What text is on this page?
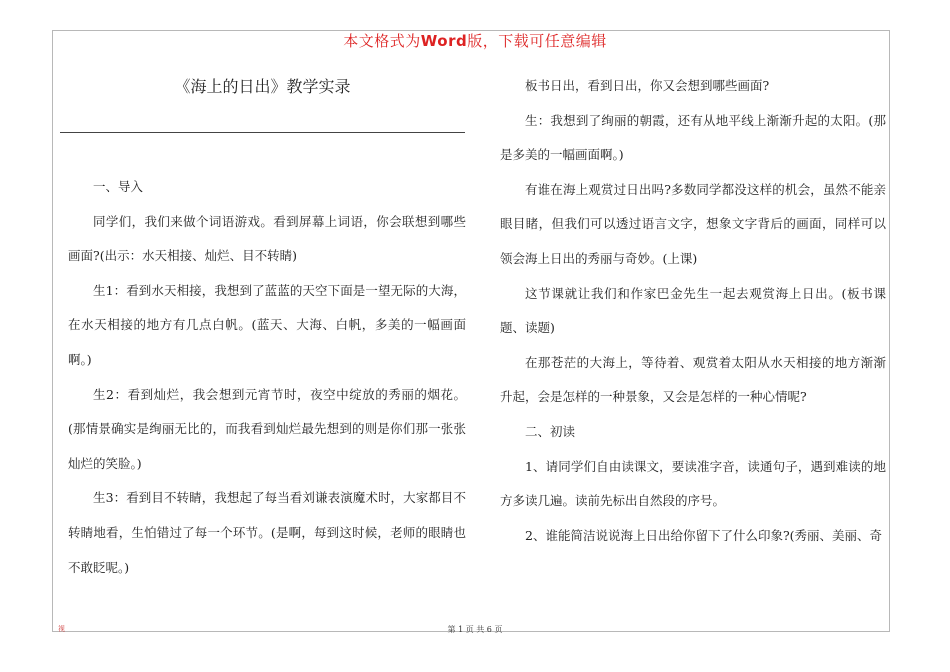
本文格式为Word版，下载可任意编辑
《海上的日出》教学实录

一、导入

同学们，我们来做个词语游戏。看到屏幕上词语，你会联想到哪些画面?(出示：水天相接、灿烂、目不转睛)

生1：看到水天相接，我想到了蓝蓝的天空下面是一望无际的大海，在水天相接的地方有几点白帆。(蓝天、大海、白帆，多美的一幅画面啊。)

生2：看到灿烂，我会想到元宵节时，夜空中绽放的秀丽的烟花。(那情景确实是绚丽无比的，而我看到灿烂最先想到的则是你们那一张张灿烂的笑脸。)

生3：看到目不转睛，我想起了每当看刘谦表演魔术时，大家都目不转睛地看，生怕错过了每一个环节。(是啊，每到这时候，老师的眼睛也不敢眨呢。)

板书日出，看到日出，你又会想到哪些画面?

生：我想到了绚丽的朝霞，还有从地平线上渐渐升起的太阳。(那是多美的一幅画面啊。)

有谁在海上观赏过日出吗?多数同学都没这样的机会，虽然不能亲眼目睹，但我们可以透过语言文字，想象文字背后的画面，同样可以领会海上日出的秀丽与奇妙。(上课)

这节课就让我们和作家巴金先生一起去观赏海上日出。(板书课题、读题)

在那苍茫的大海上，等待着、观赏着太阳从水天相接的地方渐渐升起，会是怎样的一种景象，又会是怎样的一种心情呢?

二、初读

1、请同学们自由读课文，要读准字音，读通句子，遇到难读的地方多读几遍。读前先标出自然段的序号。

2、谁能简洁说说海上日出给你留下了什么印象?(秀丽、美丽、奇

视	第 1 页 共 6 页
